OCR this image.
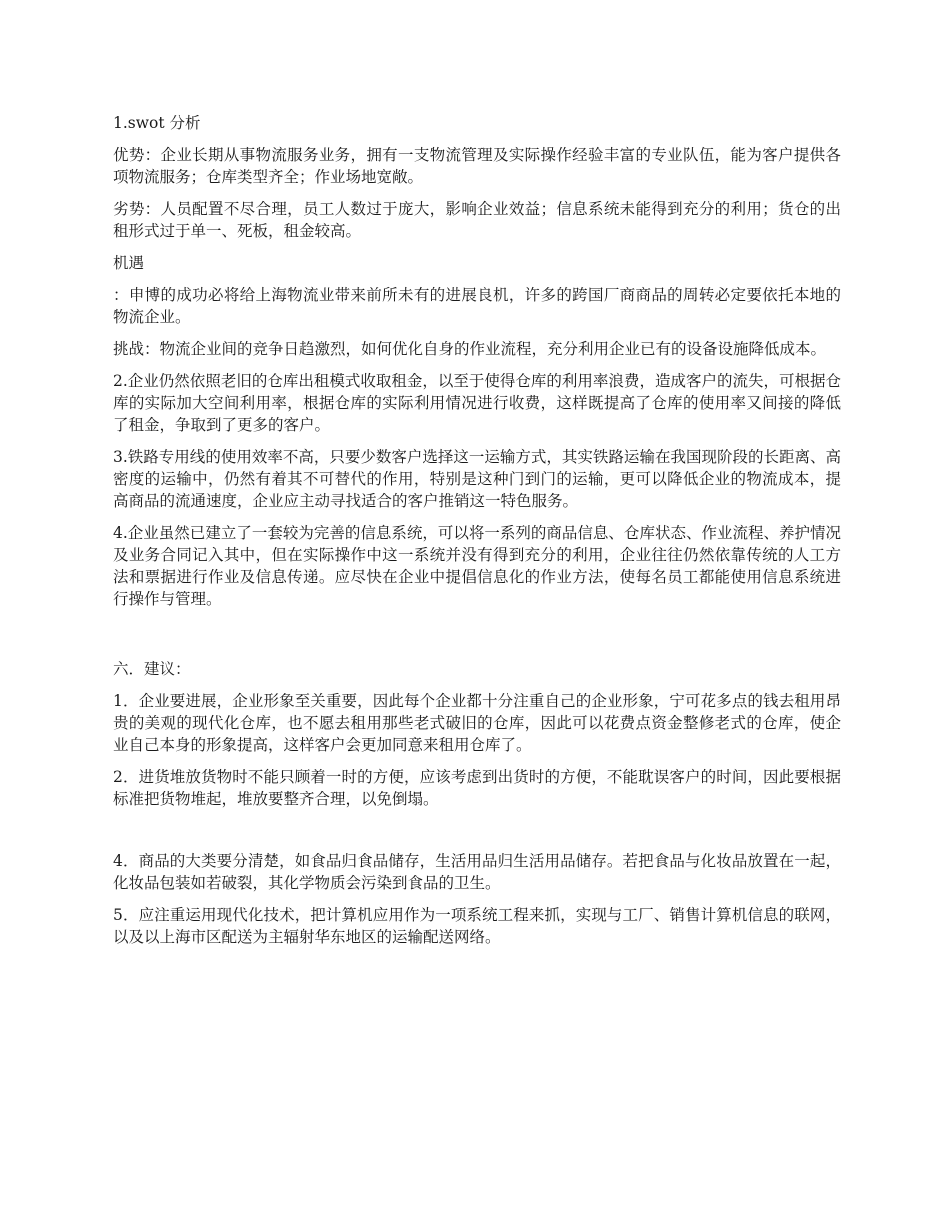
1.swot 分析

优势：企业长期从事物流服务业务，拥有一支物流管理及实际操作经验丰富的专业队伍，能为客户提供各项物流服务；仓库类型齐全；作业场地宽敞。

劣势：人员配置不尽合理，员工人数过于庞大，影响企业效益；信息系统未能得到充分的利用；货仓的出租形式过于单一、死板，租金较高。

机遇

：申博的成功必将给上海物流业带来前所未有的进展良机，许多的跨国厂商商品的周转必定要依托本地的物流企业。

挑战：物流企业间的竞争日趋激烈，如何优化自身的作业流程，充分利用企业已有的设备设施降低成本。

2.企业仍然依照老旧的仓库出租模式收取租金，以至于使得仓库的利用率浪费，造成客户的流失，可根据仓库的实际加大空间利用率，根据仓库的实际利用情况进行收费，这样既提高了仓库的使用率又间接的降低了租金，争取到了更多的客户。

3.铁路专用线的使用效率不高，只要少数客户选择这一运输方式，其实铁路运输在我国现阶段的长距离、高密度的运输中，仍然有着其不可替代的作用，特别是这种门到门的运输，更可以降低企业的物流成本，提高商品的流通速度，企业应主动寻找适合的客户推销这一特色服务。

4.企业虽然已建立了一套较为完善的信息系统，可以将一系列的商品信息、仓库状态、作业流程、养护情况及业务合同记入其中，但在实际操作中这一系统并没有得到充分的利用，企业往往仍然依靠传统的人工方法和票据进行作业及信息传递。应尽快在企业中提倡信息化的作业方法，使每名员工都能使用信息系统进行操作与管理。

六．建议：

1．企业要进展，企业形象至关重要，因此每个企业都十分注重自己的企业形象，宁可花多点的钱去租用昂贵的美观的现代化仓库，也不愿去租用那些老式破旧的仓库，因此可以花费点资金整修老式的仓库，使企业自己本身的形象提高，这样客户会更加同意来租用仓库了。

2．进货堆放货物时不能只顾着一时的方便，应该考虑到出货时的方便，不能耽误客户的时间，因此要根据标准把货物堆起，堆放要整齐合理，以免倒塌。

4．商品的大类要分清楚，如食品归食品储存，生活用品归生活用品储存。若把食品与化妆品放置在一起，化妆品包装如若破裂，其化学物质会污染到食品的卫生。

5．应注重运用现代化技术，把计算机应用作为一项系统工程来抓，实现与工厂、销售计算机信息的联网，以及以上海市区配送为主辐射华东地区的运输配送网络。
